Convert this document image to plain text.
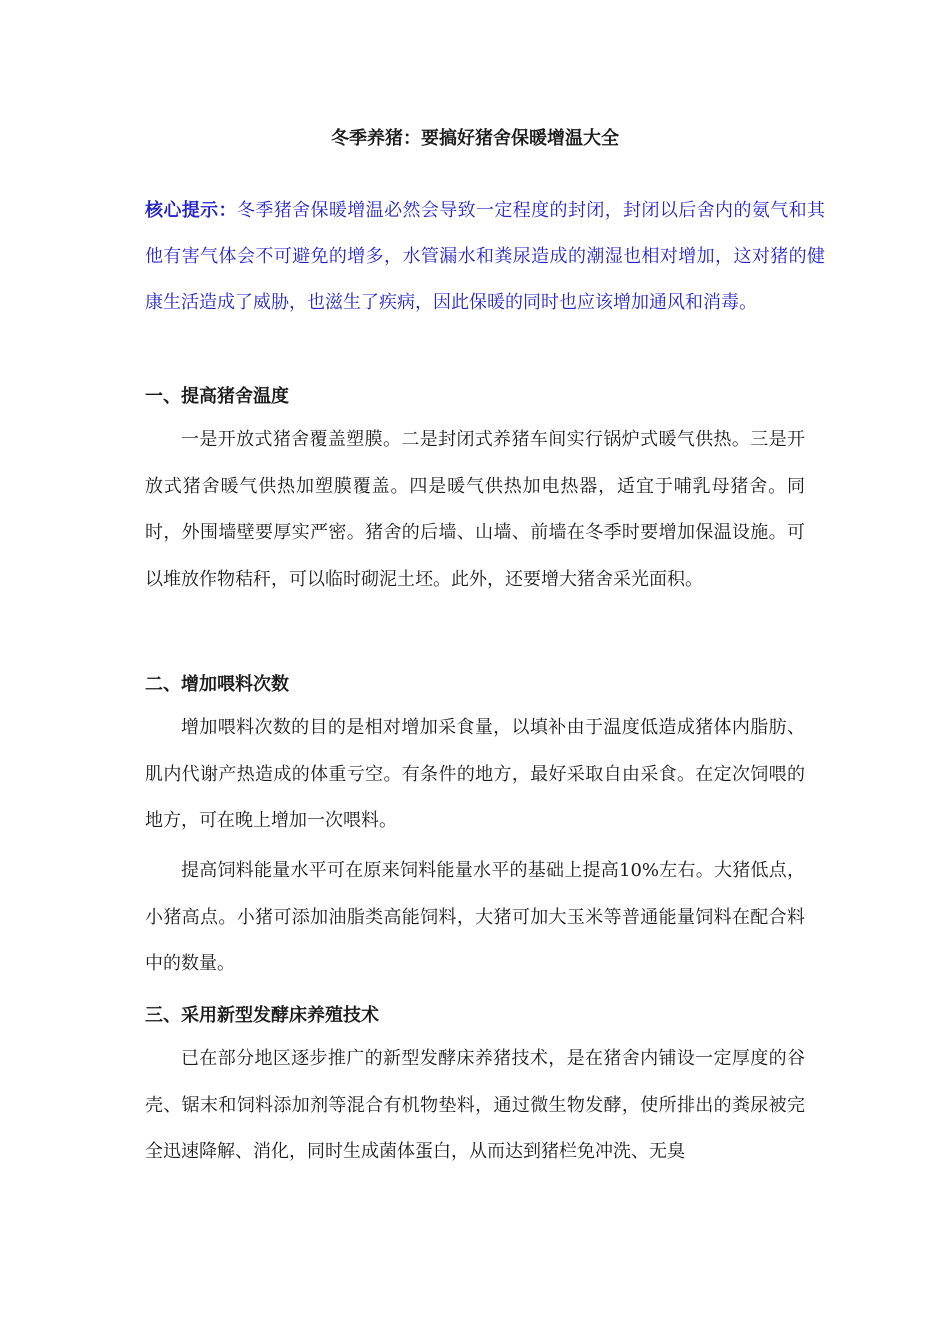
冬季养猪：要搞好猪舍保暖增温大全
核心提示：冬季猪舍保暖增温必然会导致一定程度的封闭，封闭以后舍内的氨气和其他有害气体会不可避免的增多，水管漏水和粪尿造成的潮湿也相对增加，这对猪的健康生活造成了威胁，也滋生了疾病，因此保暖的同时也应该增加通风和消毒。
一、提高猪舍温度
一是开放式猪舍覆盖塑膜。二是封闭式养猪车间实行锅炉式暖气供热。三是开放式猪舍暖气供热加塑膜覆盖。四是暖气供热加电热器，适宜于哺乳母猪舍。同时，外围墙壁要厚实严密。猪舍的后墙、山墙、前墙在冬季时要增加保温设施。可以堆放作物秸秆，可以临时砌泥土坯。此外，还要增大猪舍采光面积。
二、增加喂料次数
增加喂料次数的目的是相对增加采食量，以填补由于温度低造成猪体内脂肪、肌内代谢产热造成的体重亏空。有条件的地方，最好采取自由采食。在定次饲喂的地方，可在晚上增加一次喂料。
提高饲料能量水平可在原来饲料能量水平的基础上提高10%左右。大猪低点，小猪高点。小猪可添加油脂类高能饲料，大猪可加大玉米等普通能量饲料在配合料中的数量。
三、采用新型发酵床养殖技术
已在部分地区逐步推广的新型发酵床养猪技术，是在猪舍内铺设一定厚度的谷壳、锯末和饲料添加剂等混合有机物垫料，通过微生物发酵，使所排出的粪尿被完全迅速降解、消化，同时生成菌体蛋白，从而达到猪栏免冲洗、无臭
